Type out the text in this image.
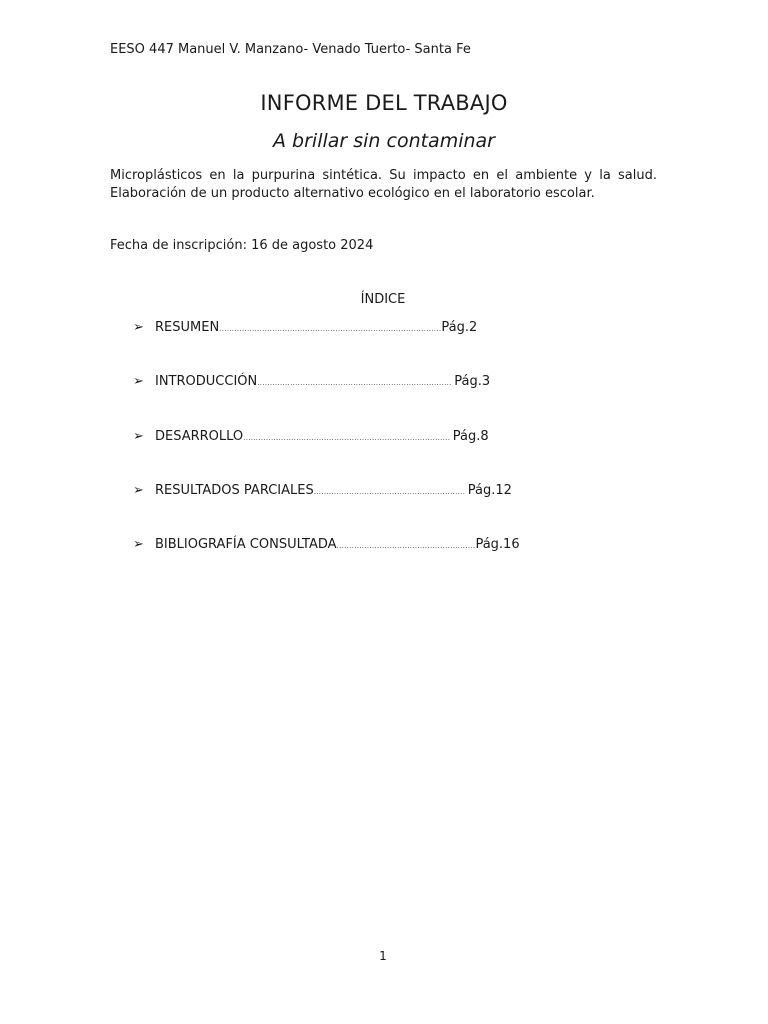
EESO 447 Manuel V. Manzano- Venado Tuerto- Santa Fe
INFORME DEL TRABAJO
A brillar sin contaminar
Microplásticos en la purpurina sintética. Su impacto en el ambiente y la salud. Elaboración de un producto alternativo ecológico en el laboratorio escolar.
Fecha de inscripción: 16 de agosto 2024
ÍNDICE
➢ RESUMEN........................................................................................Pág.2
➢ INTRODUCCIÓN............................................................................. Pág.3
➢ DESARROLLO.................................................................................. Pág.8
➢ RESULTADOS PARCIALES............................................................ Pág.12
➢ BIBLIOGRAFÍA CONSULTADA.......................................................Pág.16
1
